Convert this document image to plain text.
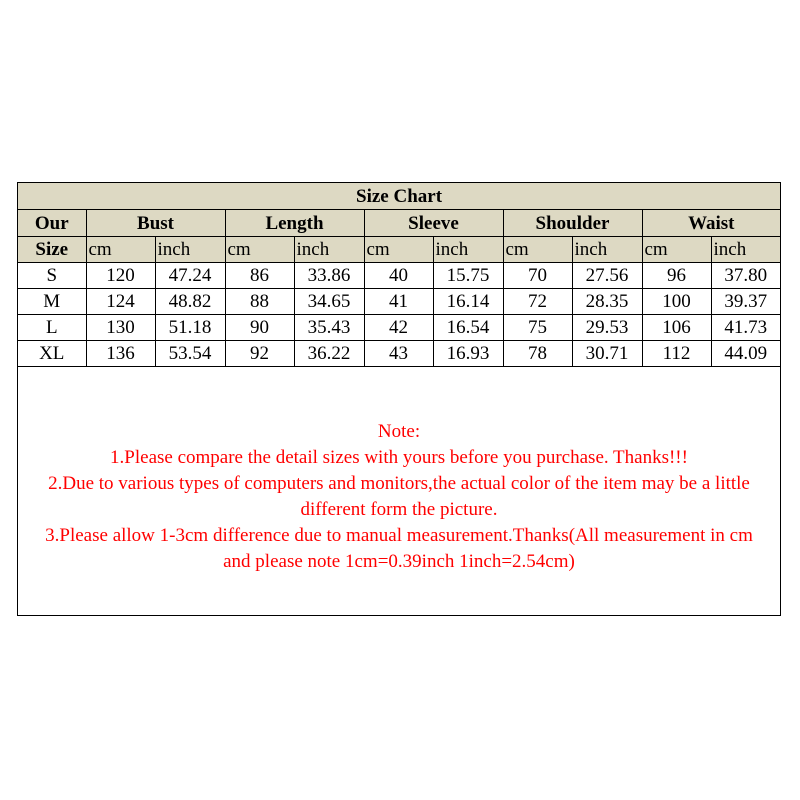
Size Chart										
Our	Bust		Length		Sleeve		Shoulder		Waist	
Size	cm	inch	cm	inch	cm	inch	cm	inch	cm	inch
S	120	47.24	86	33.86	40	15.75	70	27.56	96	37.80
M	124	48.82	88	34.65	41	16.14	72	28.35	100	39.37
L	130	51.18	90	35.43	42	16.54	75	29.53	106	41.73
XL	136	53.54	92	36.22	43	16.93	78	30.71	112	44.09
Note:
1.Please compare the detail sizes with yours before you purchase. Thanks!!!
2.Due to various types of computers and monitors,the actual color of the item may be a little
different form the picture.
3.Please allow 1-3cm difference due to manual measurement.Thanks(All measurement in cm
and please note 1cm=0.39inch 1inch=2.54cm)
